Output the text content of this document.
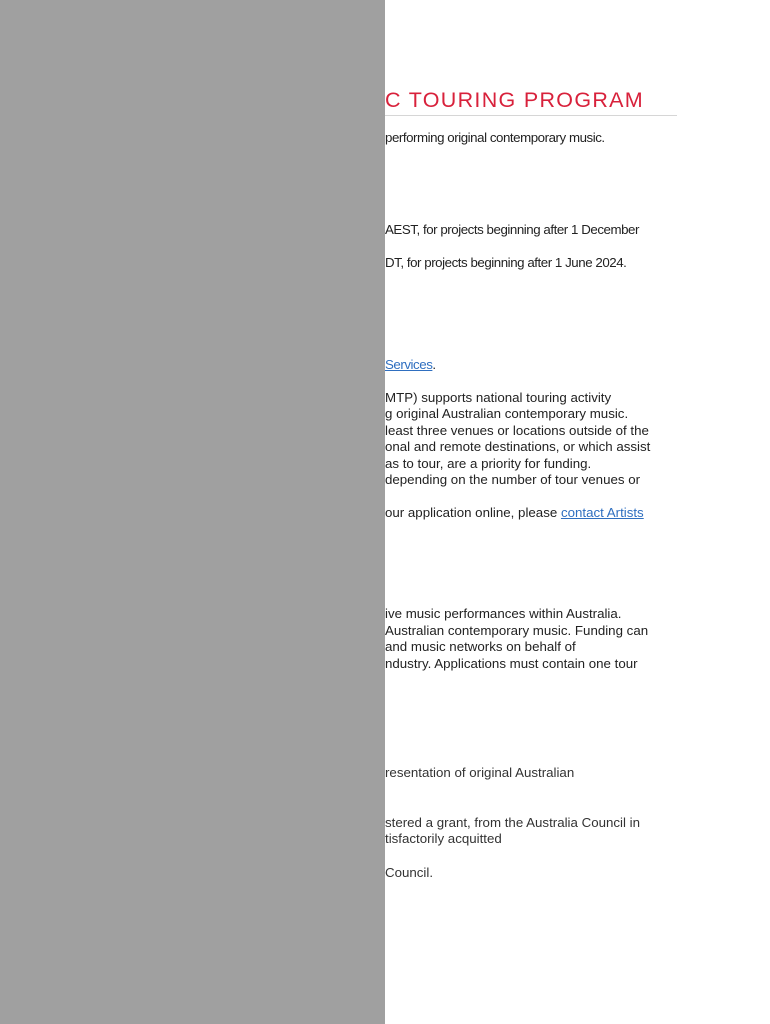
C TOURING PROGRAM
performing original contemporary music.
AEST, for projects beginning after 1 December
DT, for projects beginning after 1 June 2024.
Services.
MTP) supports national touring activity
g original Australian contemporary music.
least three venues or locations outside of the
onal and remote destinations, or which assist
as to tour, are a priority for funding.
depending on the number of tour venues or
our application online, please contact Artists
ive music performances within Australia.
Australian contemporary music. Funding can
and music networks on behalf of
ndustry. Applications must contain one tour
resentation of original Australian
stered a grant, from the Australia Council in
tisfactorily acquitted
Council.
